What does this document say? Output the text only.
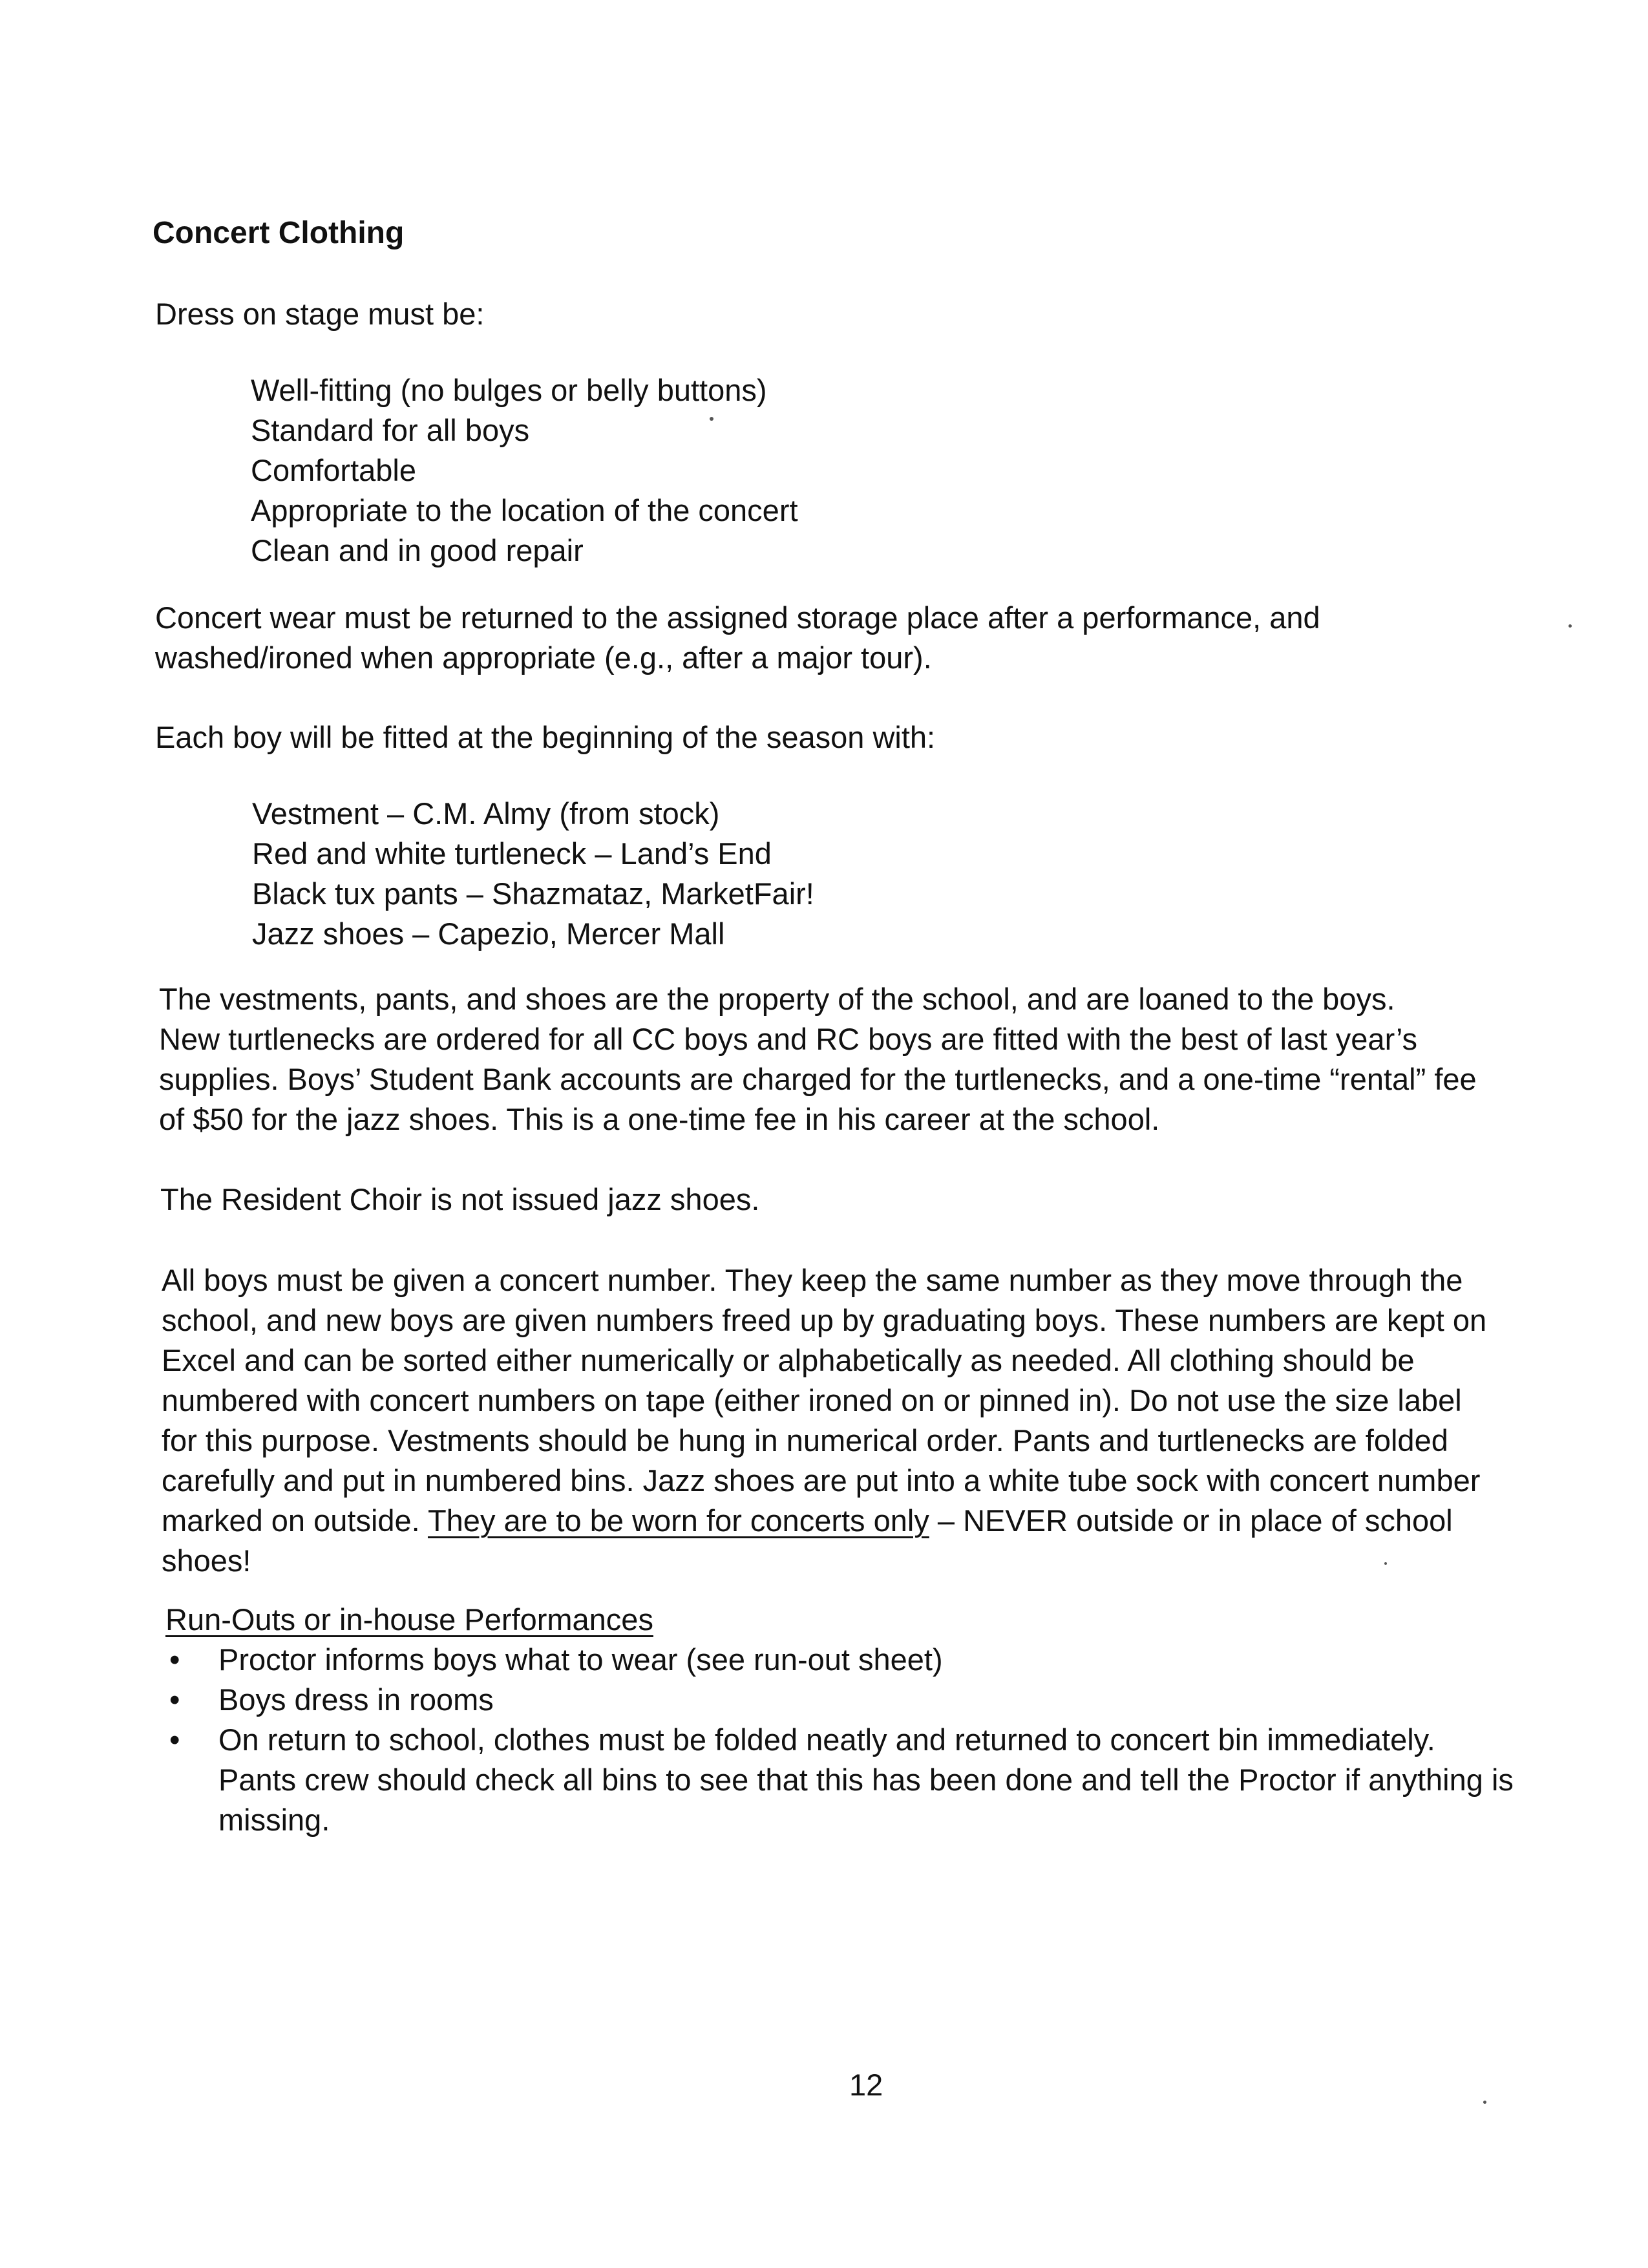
Concert Clothing
Dress on stage must be:
Well-fitting (no bulges or belly buttons)
Standard for all boys
Comfortable
Appropriate to the location of the concert
Clean and in good repair
Concert wear must be returned to the assigned storage place after a performance, and
washed/ironed when appropriate (e.g., after a major tour).
Each boy will be fitted at the beginning of the season with:
Vestment – C.M. Almy (from stock)
Red and white turtleneck – Land’s End
Black tux pants – Shazmataz, MarketFair!
Jazz shoes – Capezio, Mercer Mall
The vestments, pants, and shoes are the property of the school, and are loaned to the boys.
New turtlenecks are ordered for all CC boys and RC boys are fitted with the best of last year’s
supplies. Boys’ Student Bank accounts are charged for the turtlenecks, and a one-time “rental” fee
of $50 for the jazz shoes. This is a one-time fee in his career at the school.
The Resident Choir is not issued jazz shoes.
All boys must be given a concert number. They keep the same number as they move through the
school, and new boys are given numbers freed up by graduating boys. These numbers are kept on
Excel and can be sorted either numerically or alphabetically as needed. All clothing should be
numbered with concert numbers on tape (either ironed on or pinned in). Do not use the size label
for this purpose. Vestments should be hung in numerical order. Pants and turtlenecks are folded
carefully and put in numbered bins. Jazz shoes are put into a white tube sock with concert number
marked on outside. They are to be worn for concerts only – NEVER outside or in place of school
shoes!
Run-Outs or in-house Performances
• Proctor informs boys what to wear (see run-out sheet)
• Boys dress in rooms
• On return to school, clothes must be folded neatly and returned to concert bin immediately.
Pants crew should check all bins to see that this has been done and tell the Proctor if anything is
missing.
12
